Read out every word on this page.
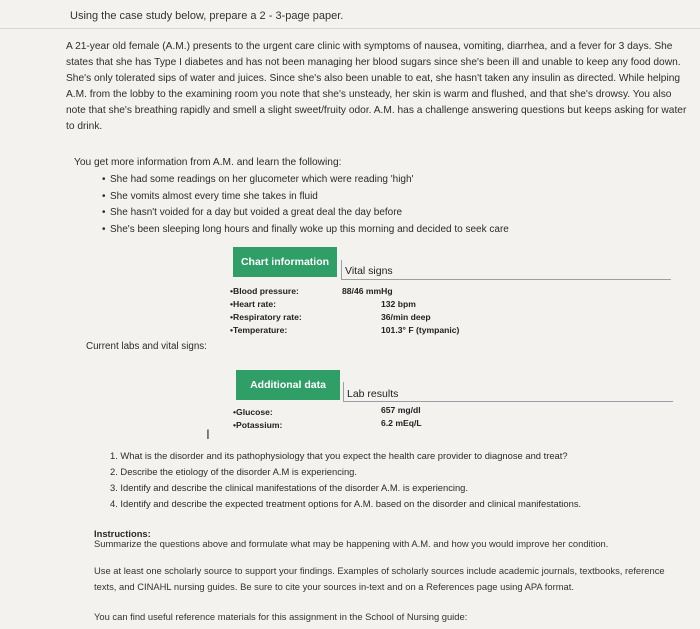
Using the case study below, prepare a 2 - 3-page paper.
A 21-year old female (A.M.) presents to the urgent care clinic with symptoms of nausea, vomiting, diarrhea, and a fever for 3 days. She states that she has Type I diabetes and has not been managing her blood sugars since she's been ill and unable to keep any food down. She's only tolerated sips of water and juices. Since she's also been unable to eat, she hasn't taken any insulin as directed. While helping A.M. from the lobby to the examining room you note that she's unsteady, her skin is warm and flushed, and that she's drowsy. You also note that she's breathing rapidly and smell a slight sweet/fruity odor. A.M. has a challenge answering questions but keeps asking for water to drink.
You get more information from A.M. and learn the following:
• She had some readings on her glucometer which were reading 'high'
• She vomits almost every time she takes in fluid
• She hasn't voided for a day but voided a great deal the day before
• She's been sleeping long hours and finally woke up this morning and decided to seek care
Chart information
Vital signs
•Blood pressure:	88/46 mmHg
•Heart rate:	132 bpm
•Respiratory rate:	36/min deep
•Temperature:	101.3° F (tympanic)
Current labs and vital signs:
Additional data
Lab results
•Glucose:	657 mg/dl
•Potassium:	6.2 mEq/L
I
1. What is the disorder and its pathophysiology that you expect the health care provider to diagnose and treat?
2. Describe the etiology of the disorder A.M is experiencing.
3. Identify and describe the clinical manifestations of the disorder A.M. is experiencing.
4. Identify and describe the expected treatment options for A.M. based on the disorder and clinical manifestations.
Instructions:
Summarize the questions above and formulate what may be happening with A.M. and how you would improve her condition.
Use at least one scholarly source to support your findings. Examples of scholarly sources include academic journals, textbooks, reference texts, and CINAHL nursing guides. Be sure to cite your sources in-text and on a References page using APA format.
You can find useful reference materials for this assignment in the School of Nursing guide:
